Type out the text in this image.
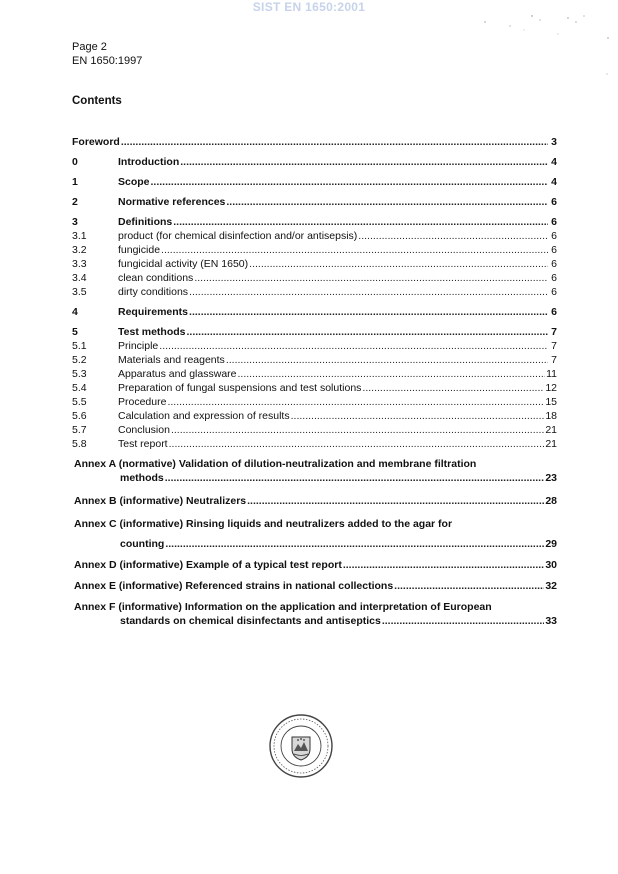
SIST EN 1650:2001
Page 2
EN 1650:1997
Contents
Foreword .....	3
0	Introduction .....	4
1	Scope .....	4
2	Normative references .....	6
3	Definitions .....	6
3.1	product (for chemical disinfection and/or antisepsis) .....	6
3.2	fungicide .....	6
3.3	fungicidal activity (EN 1650) .....	6
3.4	clean conditions .....	6
3.5	dirty conditions .....	6
4	Requirements .....	6
5	Test methods .....	7
5.1	Principle .....	7
5.2	Materials and reagents .....	7
5.3	Apparatus and glassware .....	11
5.4	Preparation of fungal suspensions and test solutions .....	12
5.5	Procedure .....	15
5.6	Calculation and expression of results .....	18
5.7	Conclusion .....	21
5.8	Test report .....	21
Annex A (normative) Validation of dilution-neutralization and membrane filtration
methods .....	23
Annex B (informative) Neutralizers .....	28
Annex C (informative) Rinsing liquids and neutralizers added to the agar for
counting .....	29
Annex D (informative) Example of a typical test report .....	30
Annex E (informative) Referenced strains in national collections .....	32
Annex F (informative) Information on the application and interpretation of European
standards on chemical disinfectants and antiseptics .....	33
